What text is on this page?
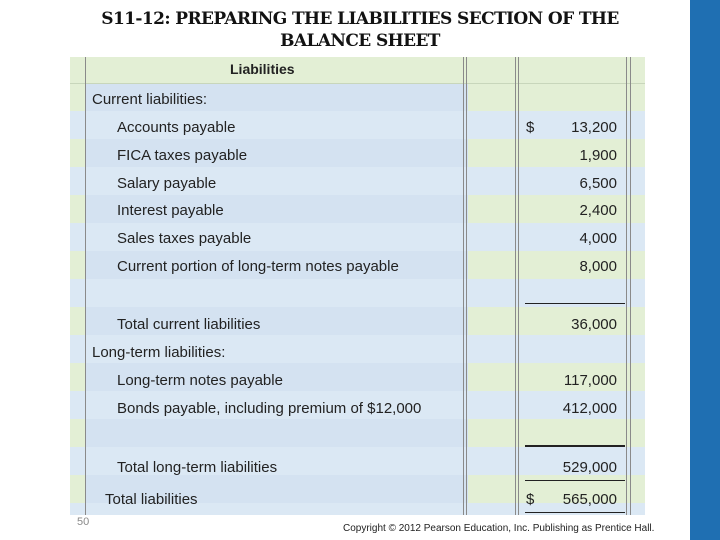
S11-12: PREPARING THE LIABILITIES SECTION OF THE
BALANCE SHEET
Liabilities
Current liabilities:
Accounts payable	$ 13,200
FICA taxes payable	1,900
Salary payable	6,500
Interest payable	2,400
Sales taxes payable	4,000
Current portion of long-term notes payable	8,000
Total current liabilities	36,000
Long-term liabilities:
Long-term notes payable	117,000
Bonds payable, including premium of $12,000	412,000
Total long-term liabilities	529,000
Total liabilities	$ 565,000
50
Copyright © 2012 Pearson Education, Inc. Publishing as Prentice Hall.
